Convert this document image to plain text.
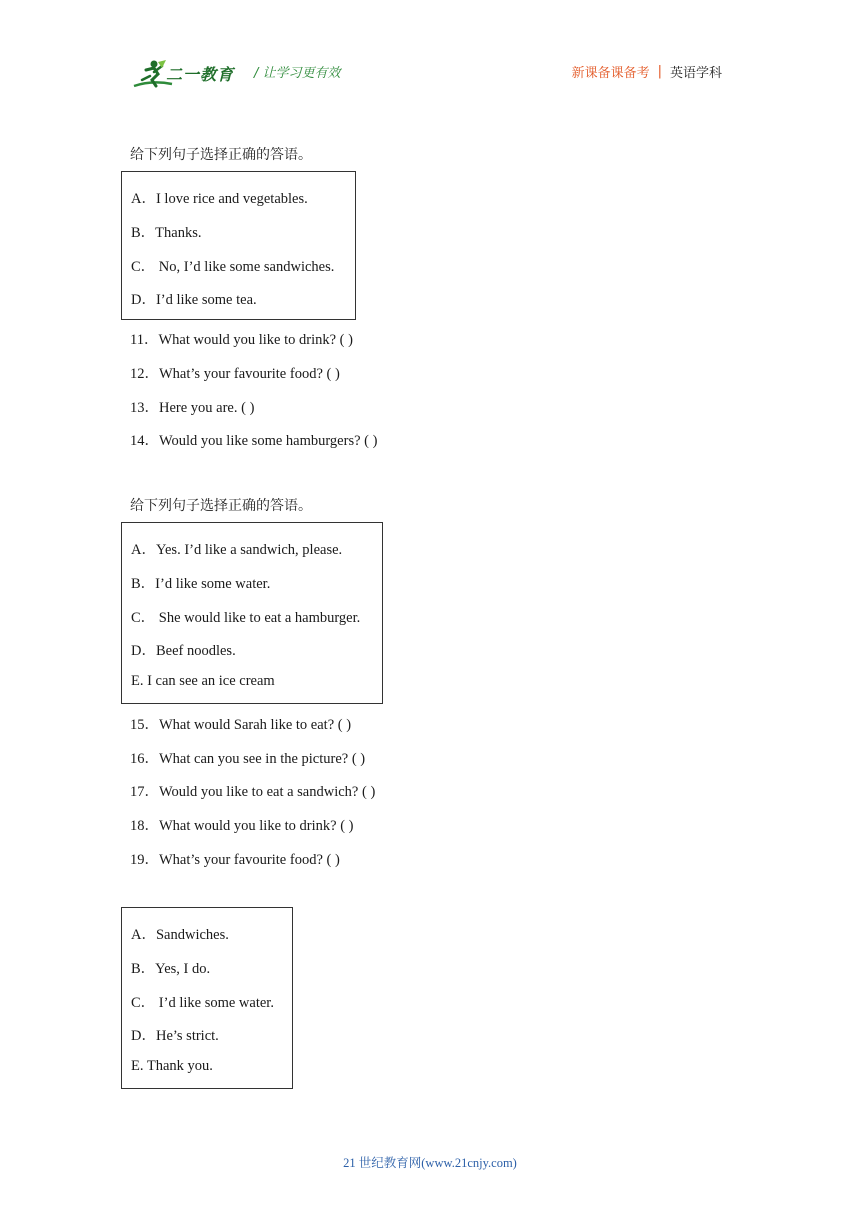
二一教育 / 让学习更有效	新课备课备考 | 英语学科
给下列句子选择正确的答语。
A．I love rice and vegetables.
B．Thanks.
C． No, I’d like some sandwiches.
D．I’d like some tea.
11．What would you like to drink? ( )
12．What’s your favourite food? ( )
13．Here you are. ( )
14．Would you like some hamburgers? ( )
给下列句子选择正确的答语。
A．Yes. I’d like a sandwich, please.
B．I’d like some water.
C． She would like to eat a hamburger.
D．Beef noodles.
E. I can see an ice cream
15．What would Sarah like to eat? ( )
16．What can you see in the picture? ( )
17．Would you like to eat a sandwich? ( )
18．What would you like to drink? ( )
19．What’s your favourite food? ( )
A．Sandwiches.
B．Yes, I do.
C． I’d like some water.
D．He’s strict.
E. Thank you.
21 世纪教育网(www.21cnjy.com)
